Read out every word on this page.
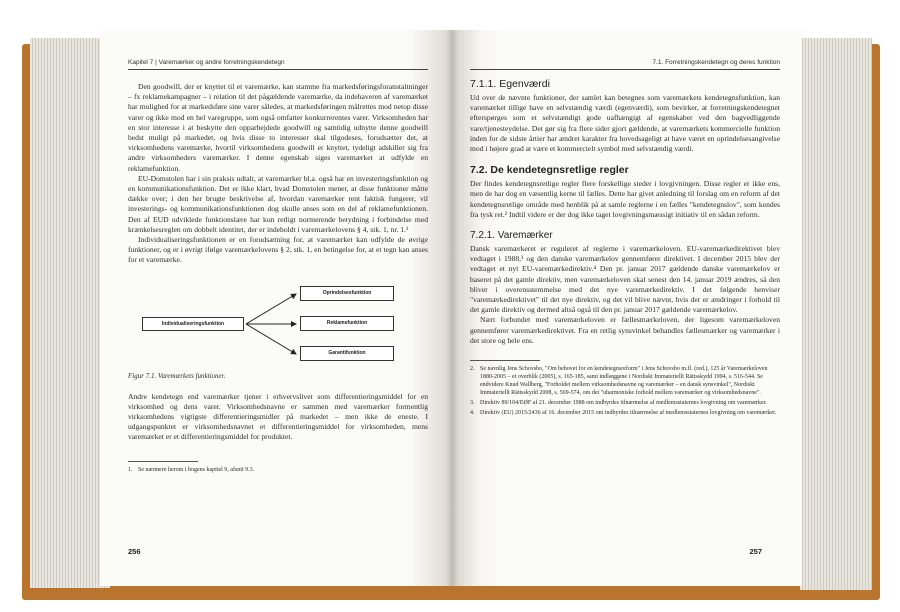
Kapitel 7 | Varemærker og andre forretningskendetegn

Den goodwill, der er knyttet til et varemærke, kan stamme fra markedsføringsforanstaltninger – fx reklamekampagner – i relation til det pågældende varemærke, da indehaveren af varemærket har mulighed for at markedsføre sine varer således, at markedsføringen målrettes mod netop disse varer og ikke mod en hel varegruppe, som også omfatter konkurrerentes varer. Virksomheden har en stor interesse i at beskytte den opparbejdede goodwill og samtidig udnytte denne goodwill bedst muligt på markedet, og hvis disse to interesser skal tilgodeses, forudsætter det, at virksomhedens varemærke, hvortil virksomhedens goodwill er knyttet, tydeligt adskiller sig fra andre virksomheders varemærker. I denne egenskab siges varemærket at udfylde en reklamefunktion.

EU-Domstolen har i sin praksis udtalt, at varemærker bl.a. også har en investeringsfunktion og en kommunikationsfunktion. Det er ikke klart, hvad Domstolen mener, at disse funktioner måtte dække over; i den her brugte beskrivelse af, hvordan varemærker rent faktisk fungerer, vil investerings- og kommunikationsfunktionen dog skulle anses som en del af reklamefunktionen. Den af EUD udviklede funktionslære har kun retligt normerende betydning i forbindelse med krænkelsesreglen om dobbelt identitet, der er indeholdt i varemærkelovens § 4, stk. 1, nr. 1.¹

Individualiseringsfunktionen er en forudsætning for, at varemærket kan udfylde de øvrige funktioner, og er i øvrigt ifølge varemærkelovens § 2, stk. 1, en betingelse for, at et tegn kan anses for et varemærke.

Individualiseringsfunktion
Oprindelsesfunktion
Reklamefunktion
Garantifunktion
Figur 7.1. Varemærkets funktioner.

Andre kendetegn end varemærker tjener i erhvervslivet som differentieringsmiddel for en virksomhed og dens varer. Virksomhedsnavne er sammen med varemærker formentlig virksomhedens vigtigste differentieringsmidler på markedet – men ikke de eneste. I udgangspunktet er virksomhedsnavnet et differentieringsmiddel for virksomheden, mens varemærket er et differentieringsmiddel for produktet.

1. Se nærmere herom i bogens kapitel 9, afsnit 9.3.
256
7.1. Forretningskendetegn og deres funktion
7.1.1. Egenværdi

Ud over de nævnte funktioner, der samlet kan betegnes som varemærkets kendetegnsfunktion, kan varemærket tillige have en selvstændig værdi (egenværdi), som bevirker, at forretningskendetegnet efterspørges som et selvstændigt gode uafhængigt af egenskaber ved den bagvedliggende vare/tjenesteydelse. Det gør sig fra flere sider gjort gældende, at varemærkets kommercielle funktion inden for de sidste årtier har ændret karakter fra hovedsageligt at have været en oprindelsesangivelse mod i højere grad at være et kommercielt symbol med selvstændig værdi.

7.2. De kendetegnsretlige regler

Der findes kendetegnsretlige regler flere forskellige steder i lovgivningen. Disse regler er ikke ens, men de har dog en væsentlig kerne til fælles. Dette har givet anledning til forslag om en reform af det kendetegnsretlige område med henblik på at samle reglerne i en fælles "kendetegnslov", som kendes fra tysk ret.² Indtil videre er der dog ikke taget lovgivningsmæssigt initiativ til en sådan reform.

7.2.1. Varemærker

Dansk varemærkeret er reguleret af reglerne i varemærkeloven. EU-varemærkedirektivet blev vedtaget i 1988,³ og den danske varemærkelov gennemfører direktivet. I december 2015 blev der vedtaget et nyt EU-varemærkedirektiv.⁴ Den pr. januar 2017 gældende danske varemærkelov er baseret på det gamle direktiv, men varemærkeloven skal senest den 14. januar 2019 ændres, så den bliver i overensstemmelse med det nye varemærkedirektiv. I det følgende henviser "varemærkedirektivet" til det nye direktiv, og det vil blive nævnt, hvis der er ændringer i forhold til det gamle direktiv og dermed altså også til den pr. januar 2017 gældende varemærkelov.

Nært forbundet med varemærkeloven er fællesmærkeloven, der ligesom varemærkeloven gennemfører varemærkedirektivet. Fra en retlig synsvinkel behandles fællesmærker og varemærker i det store og hele ens.

2. Se navnlig Jens Schovsbo, "Om behovet for en kendetegnsreform" i Jens Schovsbo m.fl. (red.), 125 år Varemærkeloven 1880-2005 – et overblik (2005), s. 165-185, samt indlæggene i Nordiskt Immateriellt Rättsskydd 1994, s. 516-544. Se endvidere Knud Wallberg, "Forholdet mellem virksomhedsnavne og varemærker – en dansk synsvinkel", Nordiskt Immateriellt Rättsskydd 2008, s. 569-574, om det "uharmoniske forhold mellem varemærker og virksomhedsnavne".
3. Direktiv 89/104/EØF af 21. december 1988 om indbyrdes tilnærmelse af medlemsstaternes lovgivning om varemærker.
4. Direktiv (EU) 2015/2436 af 16. december 2015 om indbyrdes tilnærmelse af medlemsstaternes lovgivning om varemærker.
257
